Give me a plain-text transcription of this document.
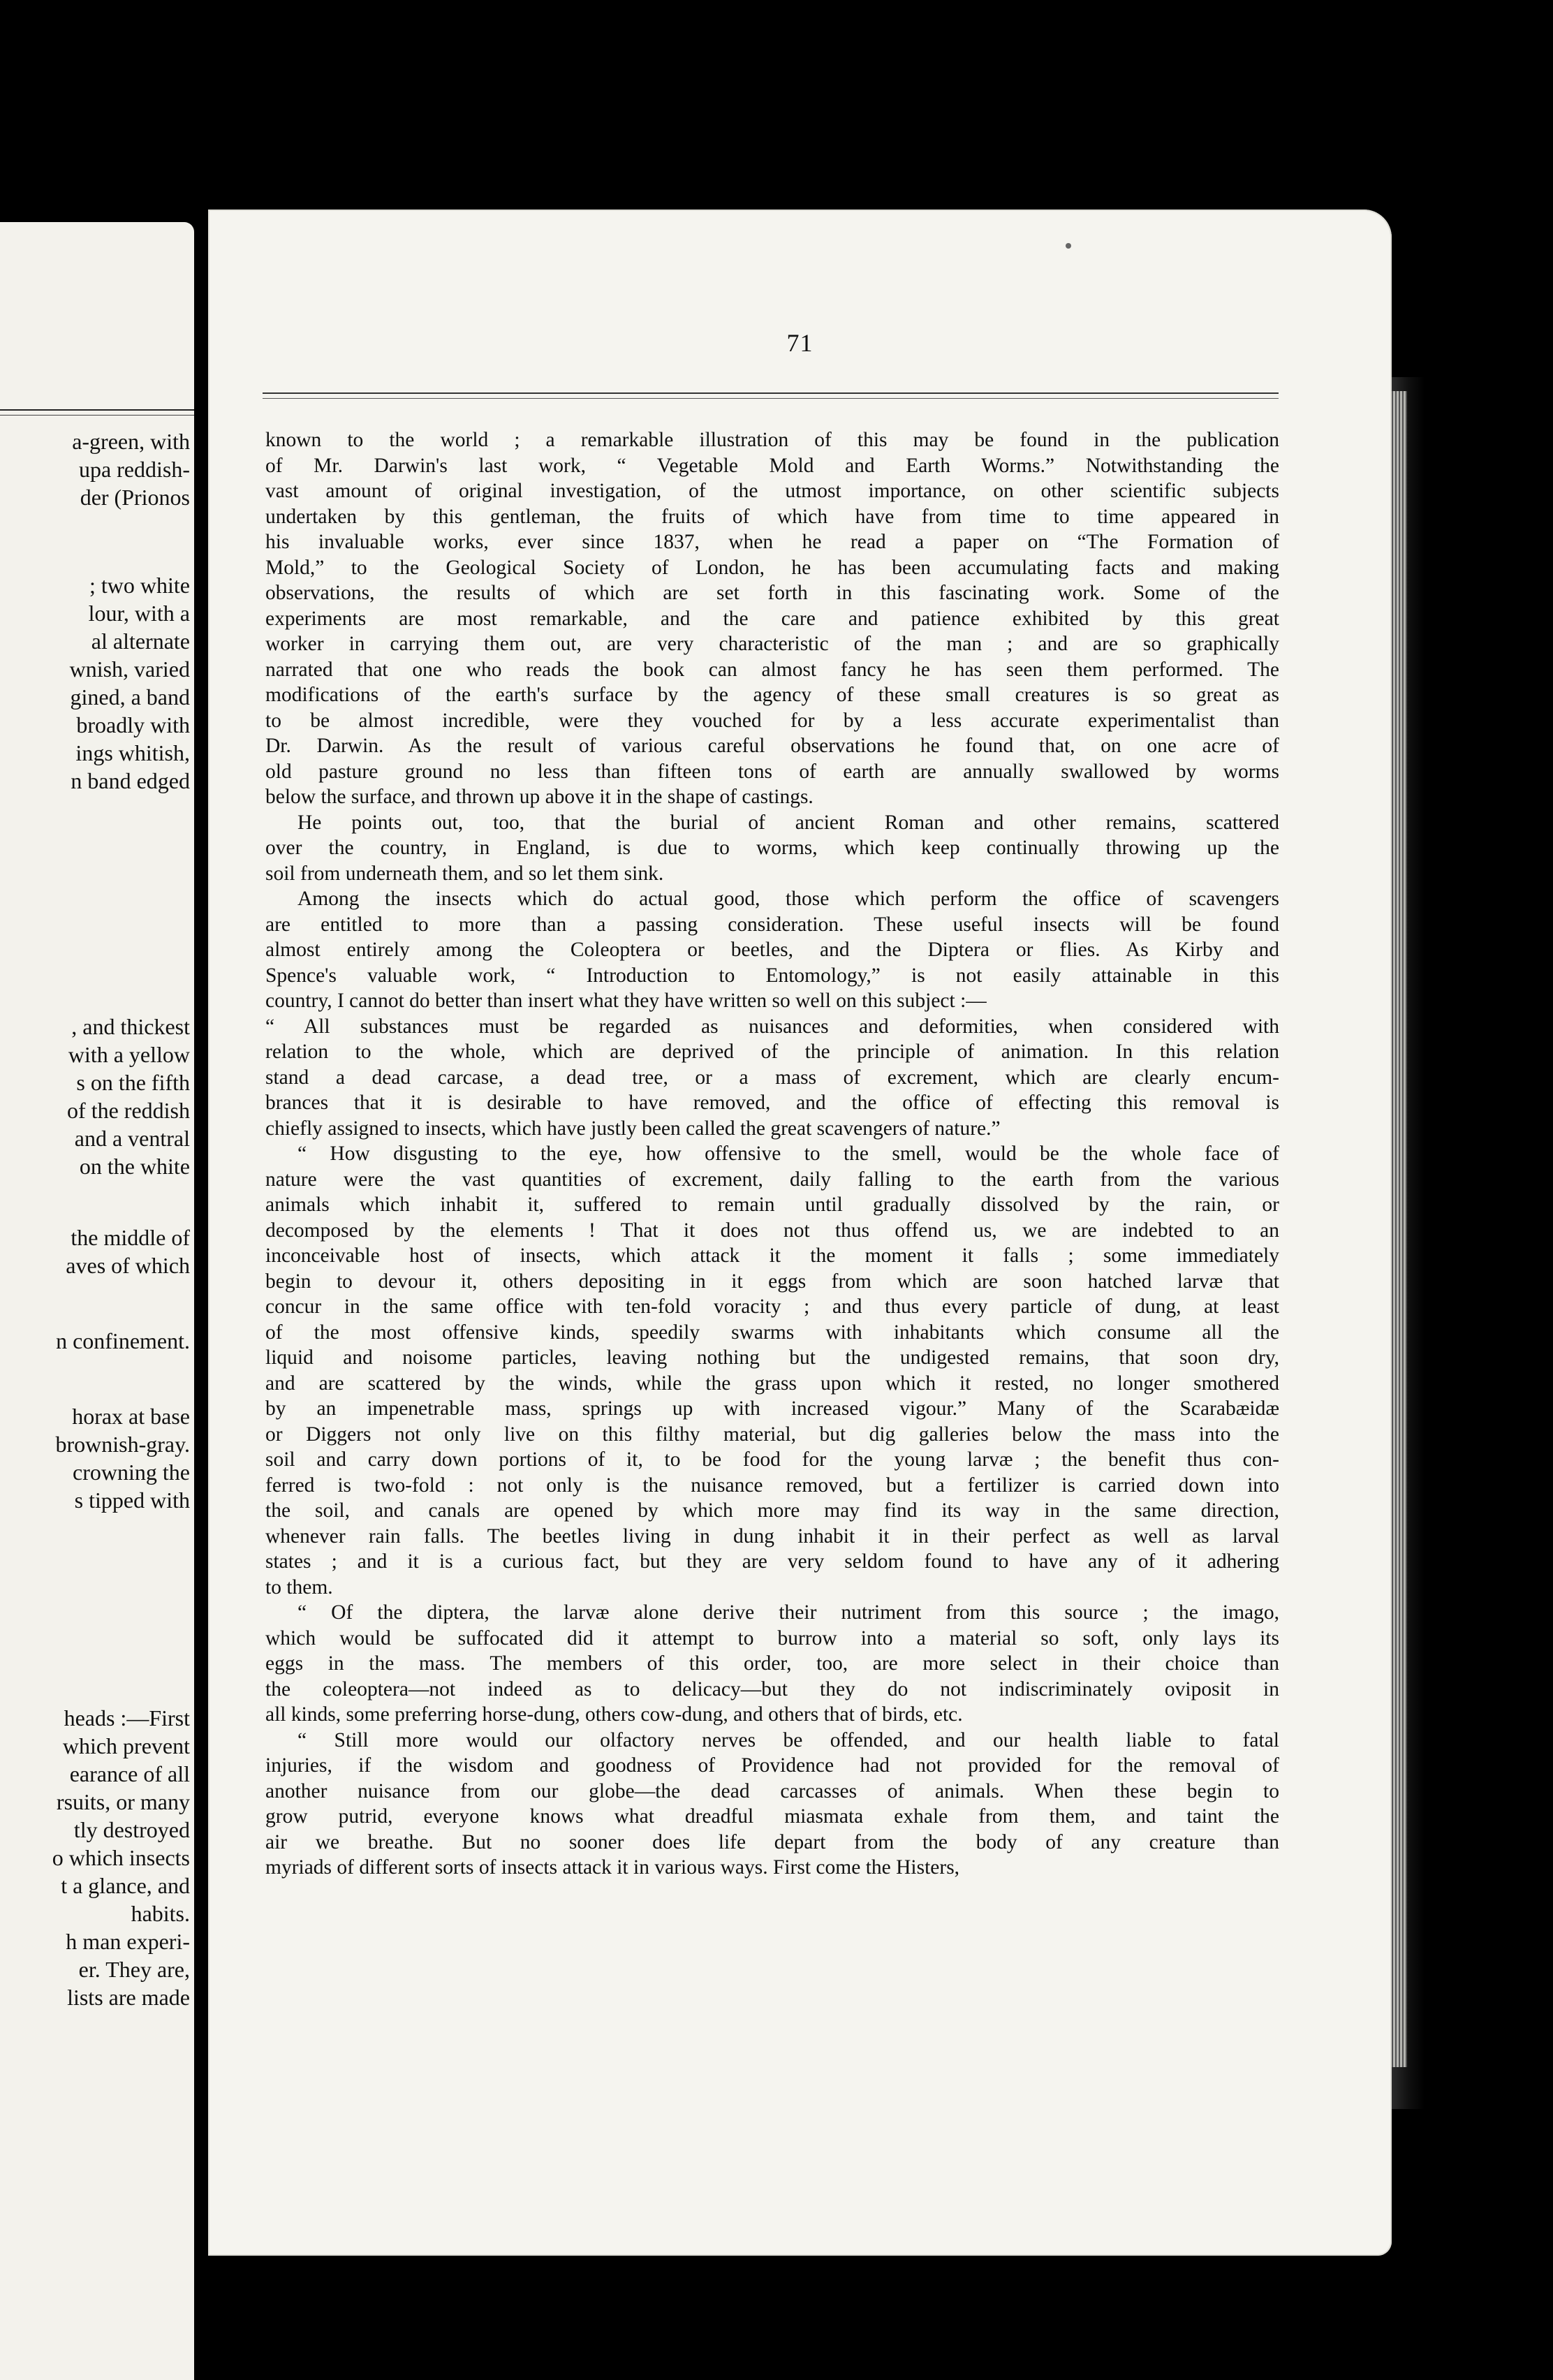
a-green, with
upa reddish-
der (Prionos
; two white
lour, with a
al alternate
wnish, varied
gined, a band
broadly with
ings whitish,
n band edged
, and thickest
with a yellow
s on the fifth
of the reddish
and a ventral
on the white
the middle of
aves of which
n confinement.
horax at base
brownish-gray.
crowning the
s tipped with
heads :—First
which prevent
earance of all
rsuits, or many
tly destroyed
o which insects
t a glance, and
habits.
h man experi-
er. They are,
lists are made
71
known to the world ; a remarkable illustration of this may be found in the publication
of Mr. Darwin's last work, “ Vegetable Mold and Earth Worms.” Notwithstanding the
vast amount of original investigation, of the utmost importance, on other scientific subjects
undertaken by this gentleman, the fruits of which have from time to time appeared in
his invaluable works, ever since 1837, when he read a paper on “The Formation of
Mold,” to the Geological Society of London, he has been accumulating facts and making
observations, the results of which are set forth in this fascinating work. Some of the
experiments are most remarkable, and the care and patience exhibited by this great
worker in carrying them out, are very characteristic of the man ; and are so graphically
narrated that one who reads the book can almost fancy he has seen them performed. The
modifications of the earth's surface by the agency of these small creatures is so great as
to be almost incredible, were they vouched for by a less accurate experimentalist than
Dr. Darwin. As the result of various careful observations he found that, on one acre of
old pasture ground no less than fifteen tons of earth are annually swallowed by worms
below the surface, and thrown up above it in the shape of castings.
He points out, too, that the burial of ancient Roman and other remains, scattered
over the country, in England, is due to worms, which keep continually throwing up the
soil from underneath them, and so let them sink.
Among the insects which do actual good, those which perform the office of scavengers
are entitled to more than a passing consideration. These useful insects will be found
almost entirely among the Coleoptera or beetles, and the Diptera or flies. As Kirby and
Spence's valuable work, “ Introduction to Entomology,” is not easily attainable in this
country, I cannot do better than insert what they have written so well on this subject :—
“ All substances must be regarded as nuisances and deformities, when considered with
relation to the whole, which are deprived of the principle of animation. In this relation
stand a dead carcase, a dead tree, or a mass of excrement, which are clearly encum-
brances that it is desirable to have removed, and the office of effecting this removal is
chiefly assigned to insects, which have justly been called the great scavengers of nature.”
“ How disgusting to the eye, how offensive to the smell, would be the whole face of
nature were the vast quantities of excrement, daily falling to the earth from the various
animals which inhabit it, suffered to remain until gradually dissolved by the rain, or
decomposed by the elements ! That it does not thus offend us, we are indebted to an
inconceivable host of insects, which attack it the moment it falls ; some immediately
begin to devour it, others depositing in it eggs from which are soon hatched larvæ that
concur in the same office with ten-fold voracity ; and thus every particle of dung, at least
of the most offensive kinds, speedily swarms with inhabitants which consume all the
liquid and noisome particles, leaving nothing but the undigested remains, that soon dry,
and are scattered by the winds, while the grass upon which it rested, no longer smothered
by an impenetrable mass, springs up with increased vigour.” Many of the Scarabæidæ
or Diggers not only live on this filthy material, but dig galleries below the mass into the
soil and carry down portions of it, to be food for the young larvæ ; the benefit thus con-
ferred is two-fold : not only is the nuisance removed, but a fertilizer is carried down into
the soil, and canals are opened by which more may find its way in the same direction,
whenever rain falls. The beetles living in dung inhabit it in their perfect as well as larval
states ; and it is a curious fact, but they are very seldom found to have any of it adhering
to them.
“ Of the diptera, the larvæ alone derive their nutriment from this source ; the imago,
which would be suffocated did it attempt to burrow into a material so soft, only lays its
eggs in the mass. The members of this order, too, are more select in their choice than
the coleoptera—not indeed as to delicacy—but they do not indiscriminately oviposit in
all kinds, some preferring horse-dung, others cow-dung, and others that of birds, etc.
“ Still more would our olfactory nerves be offended, and our health liable to fatal
injuries, if the wisdom and goodness of Providence had not provided for the removal of
another nuisance from our globe—the dead carcasses of animals. When these begin to
grow putrid, everyone knows what dreadful miasmata exhale from them, and taint the
air we breathe. But no sooner does life depart from the body of any creature than
myriads of different sorts of insects attack it in various ways. First come the Histers,
